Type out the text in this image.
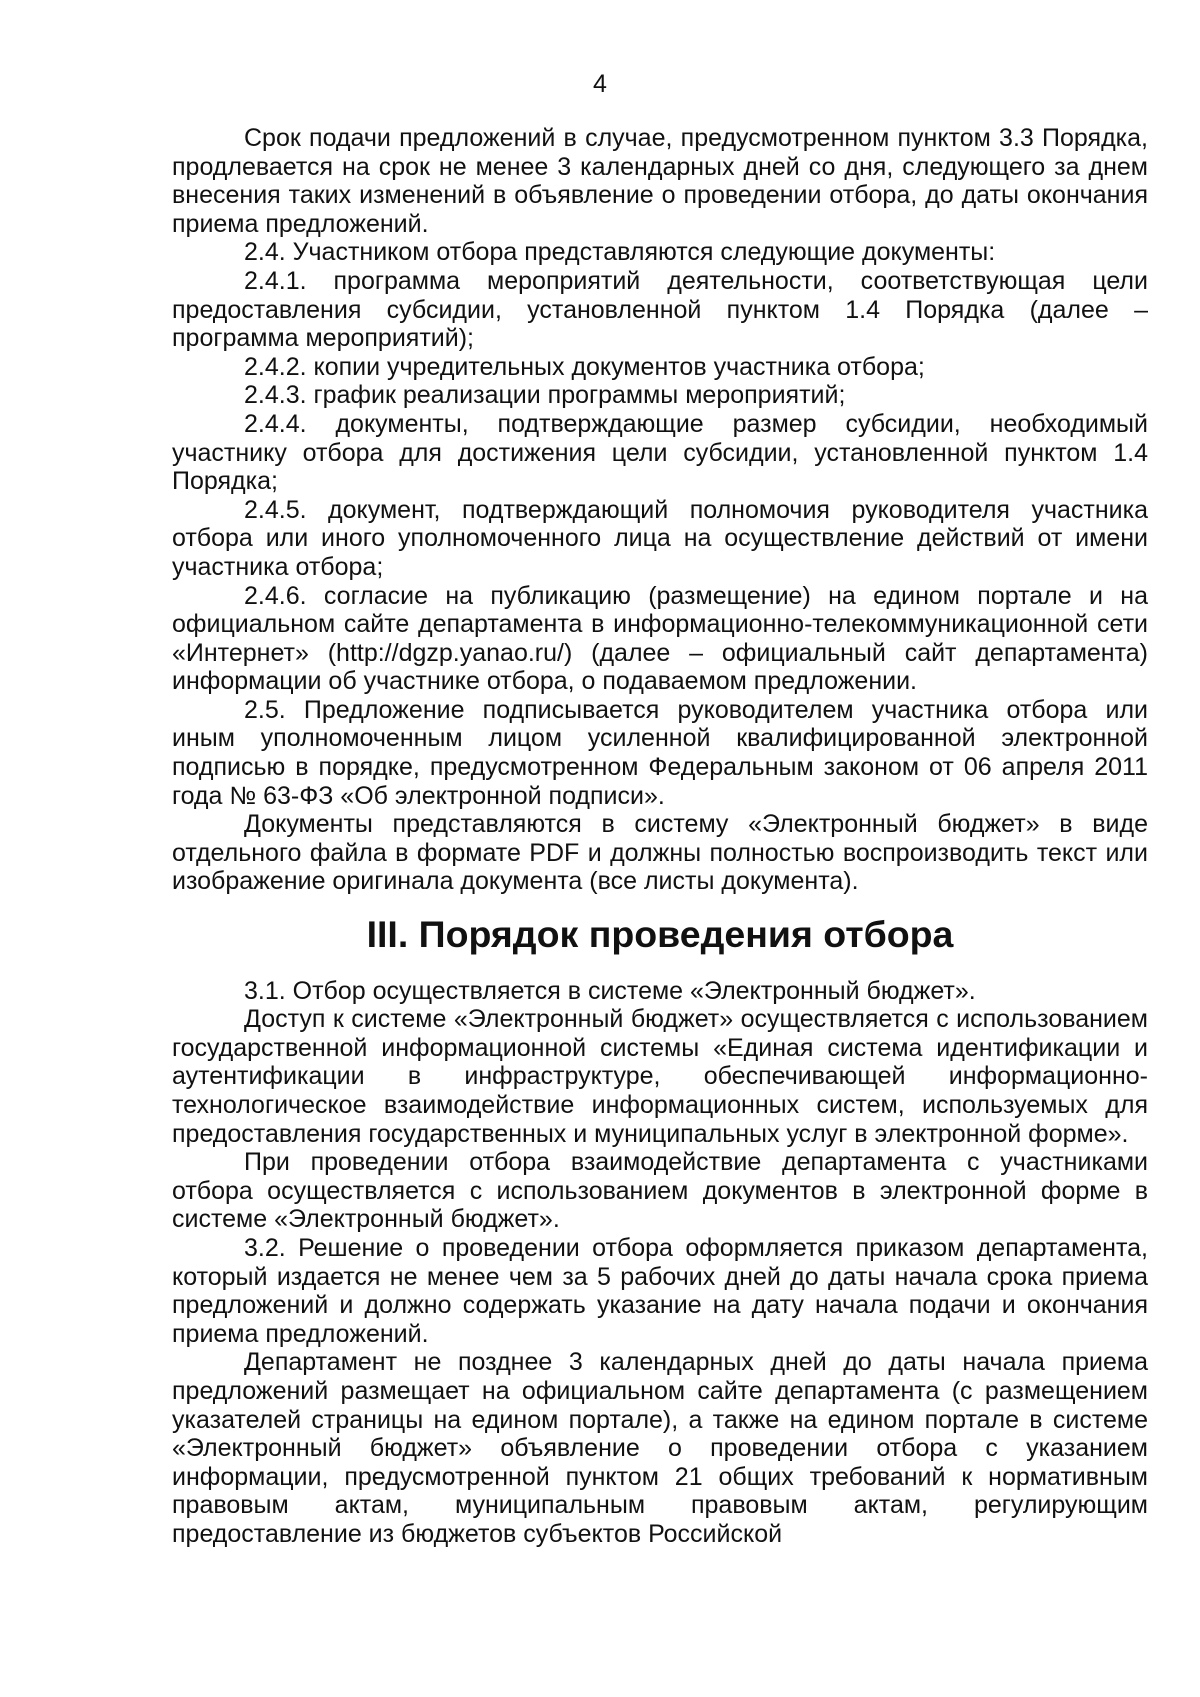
4

Срок подачи предложений в случае, предусмотренном пунктом 3.3 Порядка, продлевается на срок не менее 3 календарных дней со дня, следующего за днем внесения таких изменений в объявление о проведении отбора, до даты окончания приема предложений.

2.4. Участником отбора представляются следующие документы:

2.4.1. программа мероприятий деятельности, соответствующая цели предоставления субсидии, установленной пунктом 1.4 Порядка (далее – программа мероприятий);

2.4.2. копии учредительных документов участника отбора;

2.4.3. график реализации программы мероприятий;

2.4.4. документы, подтверждающие размер субсидии, необходимый участнику отбора для достижения цели субсидии, установленной пунктом 1.4 Порядка;

2.4.5. документ, подтверждающий полномочия руководителя участника отбора или иного уполномоченного лица на осуществление действий от имени участника отбора;

2.4.6. согласие на публикацию (размещение) на едином портале и на официальном сайте департамента в информационно-телекоммуникационной сети «Интернет» (http://dgzp.yanao.ru/) (далее – официальный сайт департамента) информации об участнике отбора, о подаваемом предложении.

2.5. Предложение подписывается руководителем участника отбора или иным уполномоченным лицом усиленной квалифицированной электронной подписью в порядке, предусмотренном Федеральным законом от 06 апреля 2011 года № 63-ФЗ «Об электронной подписи».

Документы представляются в систему «Электронный бюджет» в виде отдельного файла в формате PDF и должны полностью воспроизводить текст или изображение оригинала документа (все листы документа).

III. Порядок проведения отбора

3.1. Отбор осуществляется в системе «Электронный бюджет».

Доступ к системе «Электронный бюджет» осуществляется с использованием государственной информационной системы «Единая система идентификации и аутентификации в инфраструктуре, обеспечивающей информационно-технологическое взаимодействие информационных систем, используемых для предоставления государственных и муниципальных услуг в электронной форме».

При проведении отбора взаимодействие департамента с участниками отбора осуществляется с использованием документов в электронной форме в системе «Электронный бюджет».

3.2. Решение о проведении отбора оформляется приказом департамента, который издается не менее чем за 5 рабочих дней до даты начала срока приема предложений и должно содержать указание на дату начала подачи и окончания приема предложений.

Департамент не позднее 3 календарных дней до даты начала приема предложений размещает на официальном сайте департамента (с размещением указателей страницы на едином портале), а также на едином портале в системе «Электронный бюджет» объявление о проведении отбора с указанием информации, предусмотренной пунктом 21 общих требований к нормативным правовым актам, муниципальным правовым актам, регулирующим предоставление из бюджетов субъектов Российской
